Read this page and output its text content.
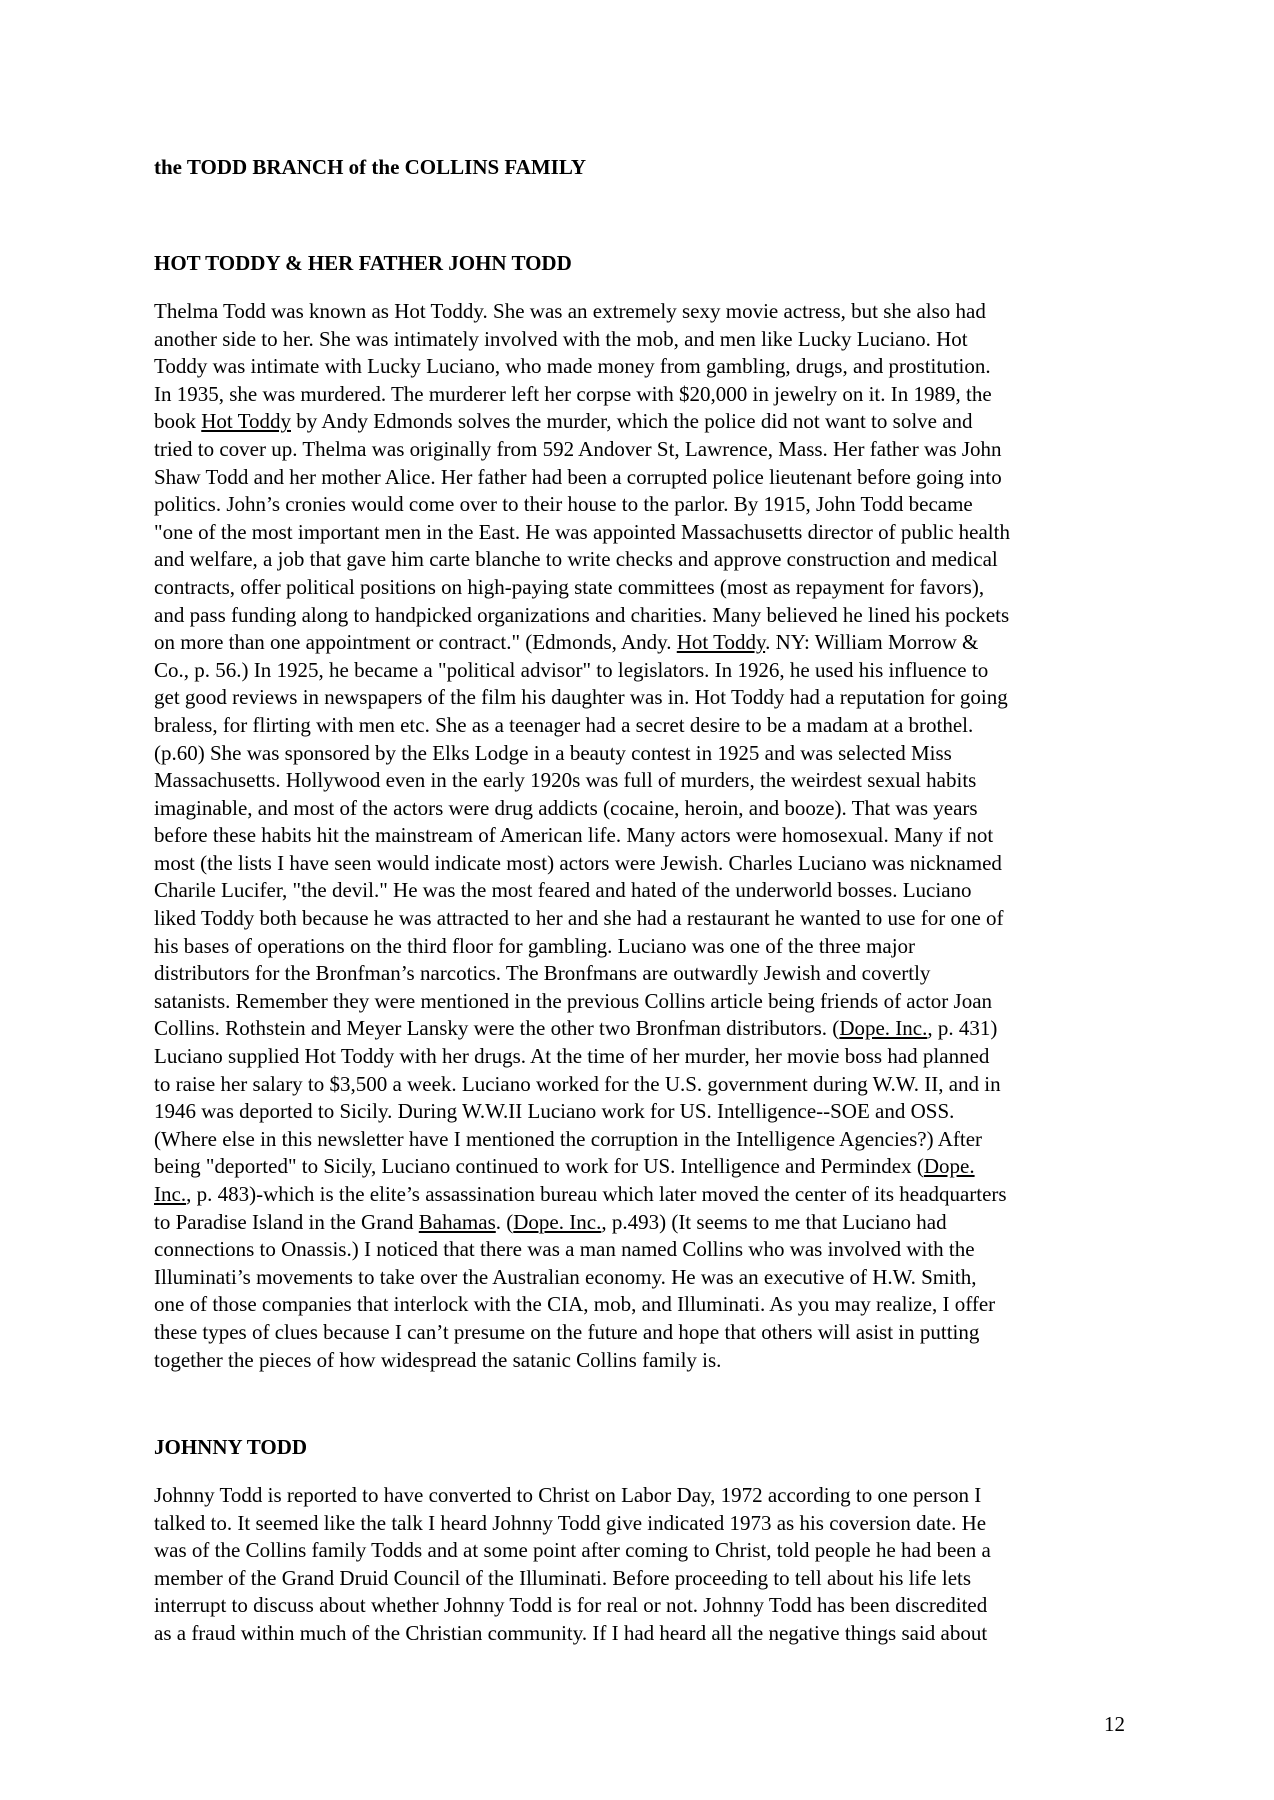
the TODD BRANCH of the COLLINS FAMILY
HOT TODDY & HER FATHER JOHN TODD
Thelma Todd was known as Hot Toddy. She was an extremely sexy movie actress, but she also had
another side to her. She was intimately involved with the mob, and men like Lucky Luciano. Hot
Toddy was intimate with Lucky Luciano, who made money from gambling, drugs, and prostitution.
In 1935, she was murdered. The murderer left her corpse with $20,000 in jewelry on it. In 1989, the
book Hot Toddy by Andy Edmonds solves the murder, which the police did not want to solve and
tried to cover up. Thelma was originally from 592 Andover St, Lawrence, Mass. Her father was John
Shaw Todd and her mother Alice. Her father had been a corrupted police lieutenant before going into
politics. John’s cronies would come over to their house to the parlor. By 1915, John Todd became
"one of the most important men in the East. He was appointed Massachusetts director of public health
and welfare, a job that gave him carte blanche to write checks and approve construction and medical
contracts, offer political positions on high-paying state committees (most as repayment for favors),
and pass funding along to handpicked organizations and charities. Many believed he lined his pockets
on more than one appointment or contract." (Edmonds, Andy. Hot Toddy. NY: William Morrow &
Co., p. 56.) In 1925, he became a "political advisor" to legislators. In 1926, he used his influence to
get good reviews in newspapers of the film his daughter was in. Hot Toddy had a reputation for going
braless, for flirting with men etc. She as a teenager had a secret desire to be a madam at a brothel.
(p.60) She was sponsored by the Elks Lodge in a beauty contest in 1925 and was selected Miss
Massachusetts. Hollywood even in the early 1920s was full of murders, the weirdest sexual habits
imaginable, and most of the actors were drug addicts (cocaine, heroin, and booze). That was years
before these habits hit the mainstream of American life. Many actors were homosexual. Many if not
most (the lists I have seen would indicate most) actors were Jewish. Charles Luciano was nicknamed
Charile Lucifer, "the devil." He was the most feared and hated of the underworld bosses. Luciano
liked Toddy both because he was attracted to her and she had a restaurant he wanted to use for one of
his bases of operations on the third floor for gambling. Luciano was one of the three major
distributors for the Bronfman’s narcotics. The Bronfmans are outwardly Jewish and covertly
satanists. Remember they were mentioned in the previous Collins article being friends of actor Joan
Collins. Rothstein and Meyer Lansky were the other two Bronfman distributors. (Dope. Inc., p. 431)
Luciano supplied Hot Toddy with her drugs. At the time of her murder, her movie boss had planned
to raise her salary to $3,500 a week. Luciano worked for the U.S. government during W.W. II, and in
1946 was deported to Sicily. During W.W.II Luciano work for US. Intelligence--SOE and OSS.
(Where else in this newsletter have I mentioned the corruption in the Intelligence Agencies?) After
being "deported" to Sicily, Luciano continued to work for US. Intelligence and Permindex (Dope.
Inc., p. 483)-which is the elite’s assassination bureau which later moved the center of its headquarters
to Paradise Island in the Grand Bahamas. (Dope. Inc., p.493) (It seems to me that Luciano had
connections to Onassis.) I noticed that there was a man named Collins who was involved with the
Illuminati’s movements to take over the Australian economy. He was an executive of H.W. Smith,
one of those companies that interlock with the CIA, mob, and Illuminati. As you may realize, I offer
these types of clues because I can’t presume on the future and hope that others will asist in putting
together the pieces of how widespread the satanic Collins family is.
JOHNNY TODD
Johnny Todd is reported to have converted to Christ on Labor Day, 1972 according to one person I
talked to. It seemed like the talk I heard Johnny Todd give indicated 1973 as his coversion date. He
was of the Collins family Todds and at some point after coming to Christ, told people he had been a
member of the Grand Druid Council of the Illuminati. Before proceeding to tell about his life lets
interrupt to discuss about whether Johnny Todd is for real or not. Johnny Todd has been discredited
as a fraud within much of the Christian community. If I had heard all the negative things said about
12
